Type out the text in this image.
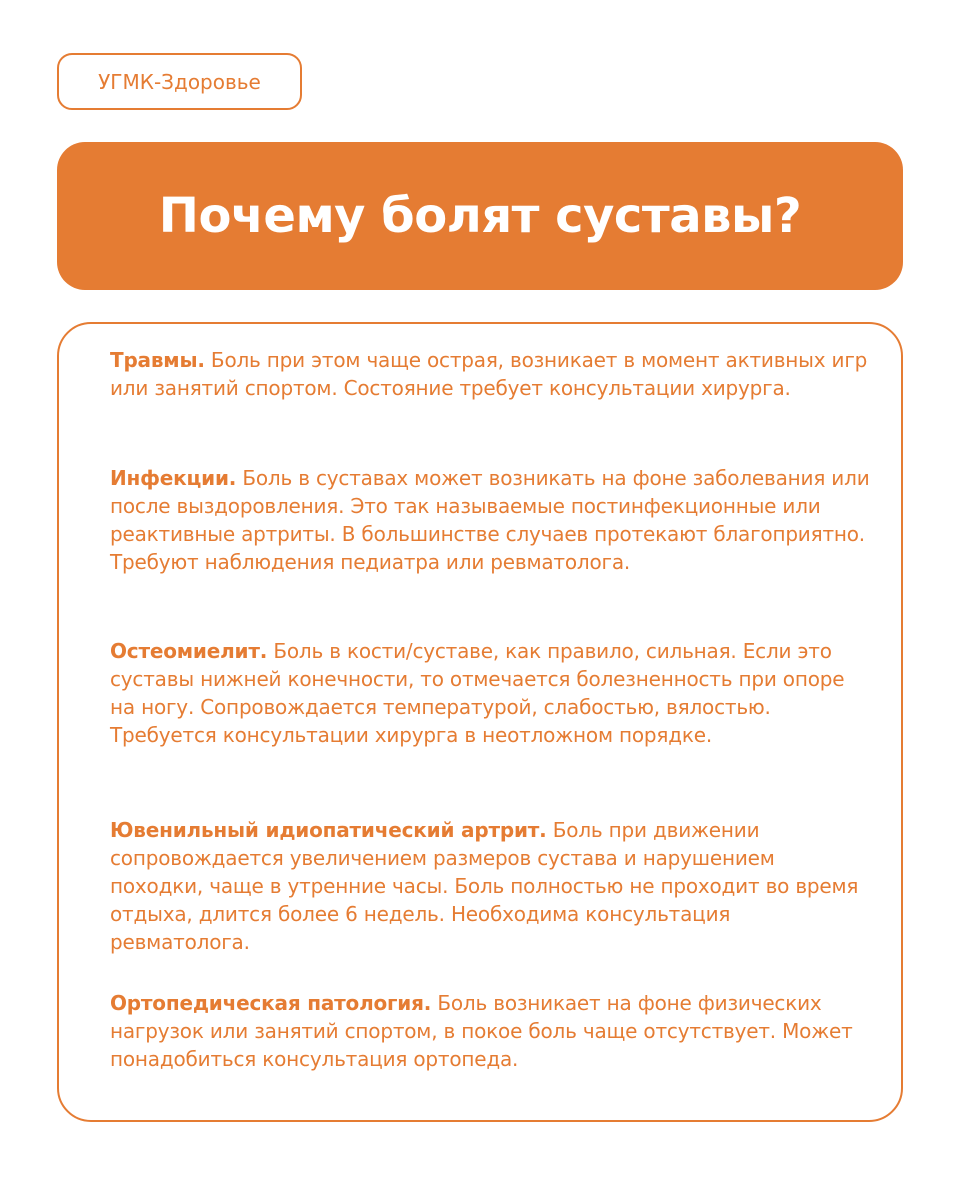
УГМК-Здоровье
Почему болят суставы?

Травмы. Боль при этом чаще острая, возникает в момент активных игр или занятий спортом. Состояние требует консультации хирурга.

Инфекции. Боль в суставах может возникать на фоне заболевания или после выздоровления. Это так называемые постинфекционные или реактивные артриты. В большинстве случаев протекают благоприятно. Требуют наблюдения педиатра или ревматолога.

Остеомиелит. Боль в кости/суставе, как правило, сильная. Если это суставы нижней конечности, то отмечается болезненность при опоре на ногу. Сопровождается температурой, слабостью, вялостью. Требуется консультации хирурга в неотложном порядке.

Ювенильный идиопатический артрит. Боль при движении сопровождается увеличением размеров сустава и нарушением походки, чаще в утренние часы. Боль полностью не проходит во время отдыха, длится более 6 недель. Необходима консультация ревматолога.

Ортопедическая патология. Боль возникает на фоне физических нагрузок или занятий спортом, в покое боль чаще отсутствует. Может понадобиться консультация ортопеда.
